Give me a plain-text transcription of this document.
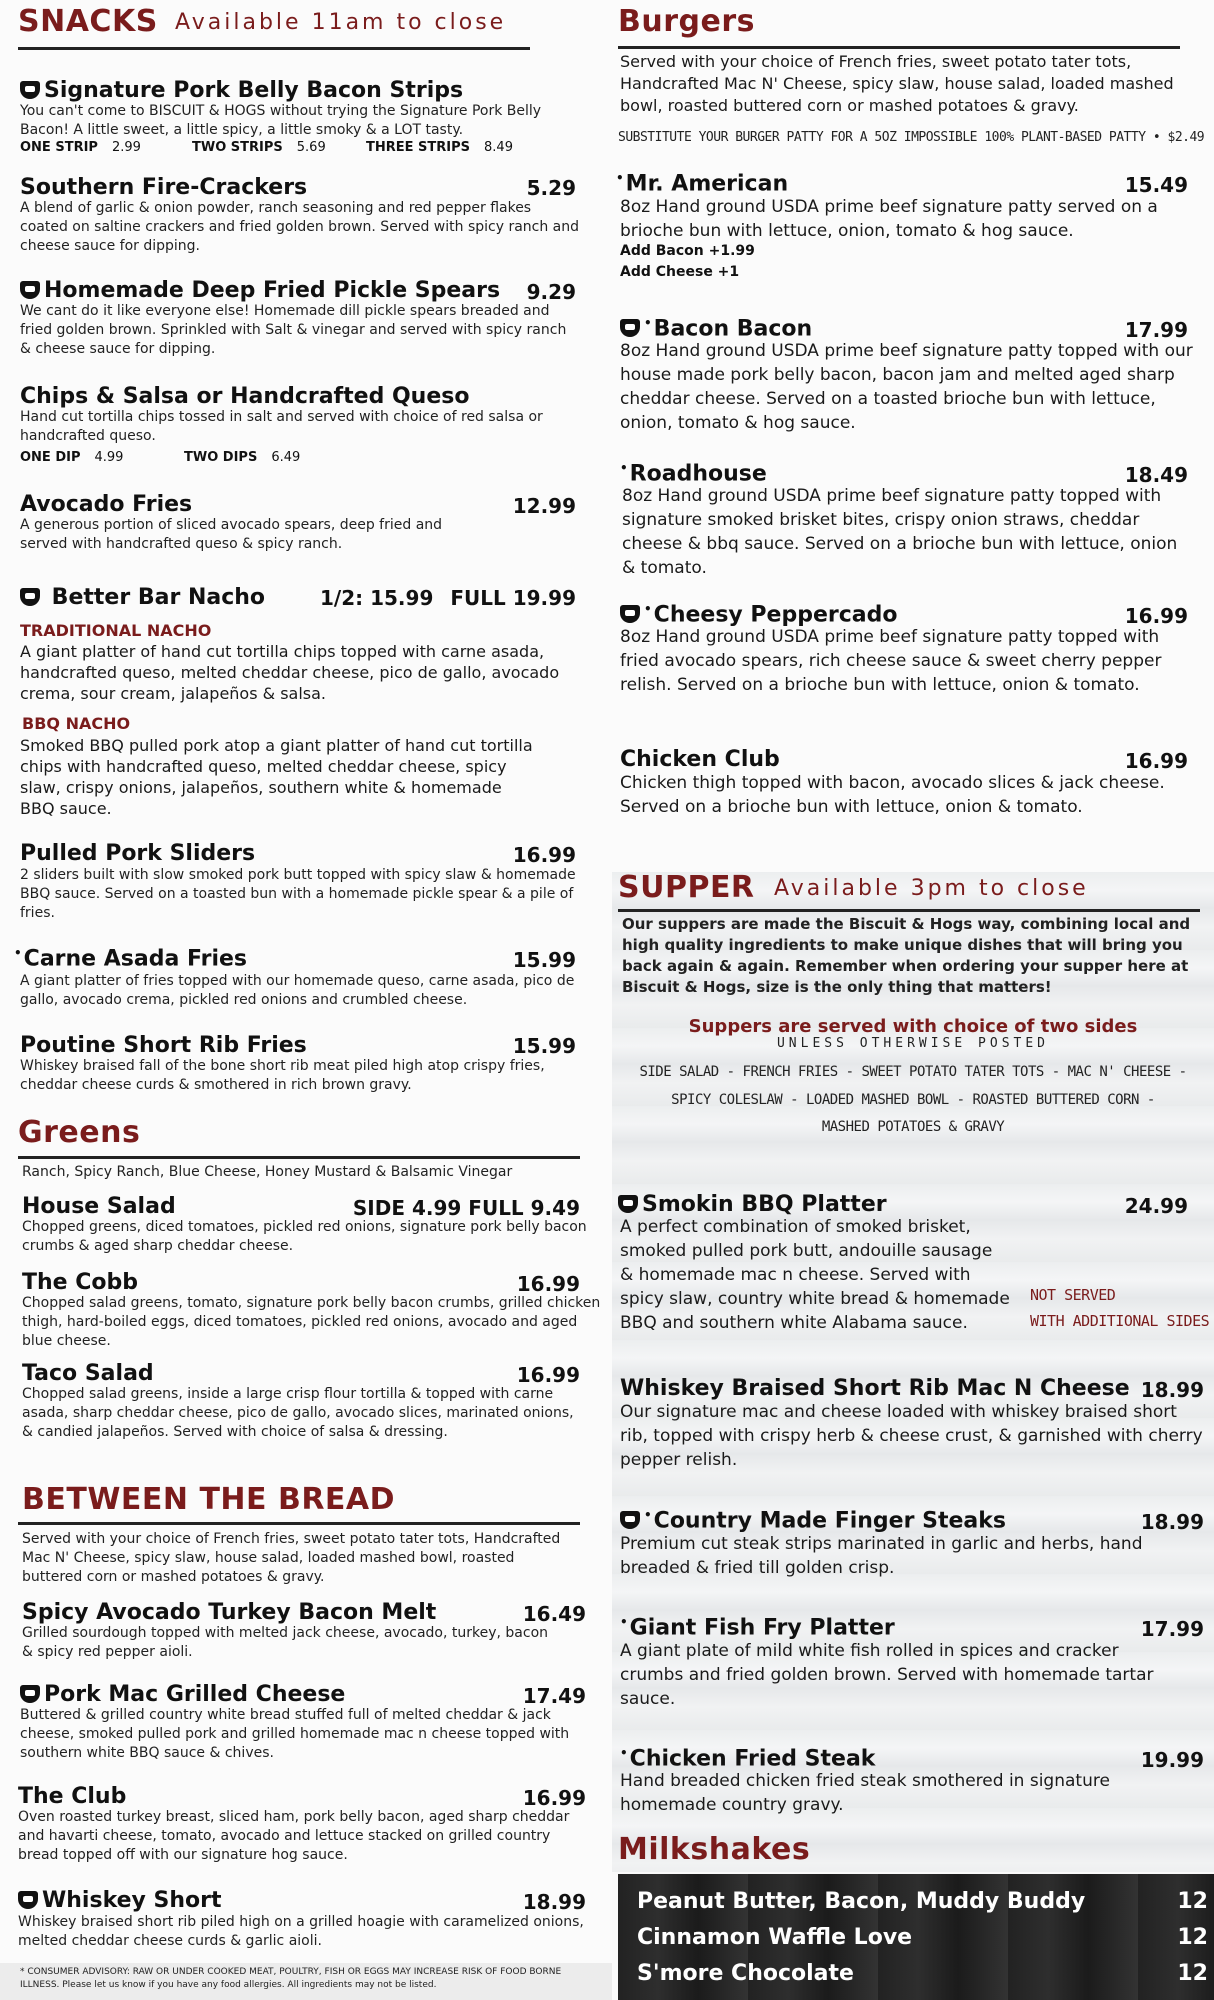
SNACKS Available 11am to close
Signature Pork Belly Bacon Strips
You can't come to BISCUIT & HOGS without trying the Signature Pork Belly Bacon! A little sweet, a little spicy, a little smoky & a LOT tasty.
ONE STRIP 2.99	TWO STRIPS 5.69	THREE STRIPS 8.49
Southern Fire-Crackers	5.29
A blend of garlic & onion powder, ranch seasoning and red pepper flakes coated on saltine crackers and fried golden brown. Served with spicy ranch and cheese sauce for dipping.
Homemade Deep Fried Pickle Spears	9.29
We cant do it like everyone else! Homemade dill pickle spears breaded and fried golden brown. Sprinkled with Salt & vinegar and served with spicy ranch & cheese sauce for dipping.
Chips & Salsa or Handcrafted Queso
Hand cut tortilla chips tossed in salt and served with choice of red salsa or handcrafted queso.
ONE DIP 4.99	TWO DIPS 6.49
Avocado Fries	12.99
A generous portion of sliced avocado spears, deep fried and served with handcrafted queso & spicy ranch.
Better Bar Nacho	1/2: 15.99 FULL 19.99
TRADITIONAL NACHO
A giant platter of hand cut tortilla chips topped with carne asada, handcrafted queso, melted cheddar cheese, pico de gallo, avocado crema, sour cream, jalapeños & salsa.
BBQ NACHO
Smoked BBQ pulled pork atop a giant platter of hand cut tortilla chips with handcrafted queso, melted cheddar cheese, spicy slaw, crispy onions, jalapeños, southern white & homemade BBQ sauce.
Pulled Pork Sliders	16.99
2 sliders built with slow smoked pork butt topped with spicy slaw & homemade BBQ sauce. Served on a toasted bun with a homemade pickle spear & a pile of fries.
•Carne Asada Fries	15.99
A giant platter of fries topped with our homemade queso, carne asada, pico de gallo, avocado crema, pickled red onions and crumbled cheese.
Poutine Short Rib Fries	15.99
Whiskey braised fall of the bone short rib meat piled high atop crispy fries, cheddar cheese curds & smothered in rich brown gravy.
Greens
Ranch, Spicy Ranch, Blue Cheese, Honey Mustard & Balsamic Vinegar
House Salad	SIDE 4.99 FULL 9.49
Chopped greens, diced tomatoes, pickled red onions, signature pork belly bacon crumbs & aged sharp cheddar cheese.
The Cobb	16.99
Chopped salad greens, tomato, signature pork belly bacon crumbs, grilled chicken thigh, hard-boiled eggs, diced tomatoes, pickled red onions, avocado and aged blue cheese.
Taco Salad	16.99
Chopped salad greens, inside a large crisp flour tortilla & topped with carne asada, sharp cheddar cheese, pico de gallo, avocado slices, marinated onions, & candied jalapeños. Served with choice of salsa & dressing.
BETWEEN THE BREAD
Served with your choice of French fries, sweet potato tater tots, Handcrafted Mac N' Cheese, spicy slaw, house salad, loaded mashed bowl, roasted buttered corn or mashed potatoes & gravy.
Spicy Avocado Turkey Bacon Melt	16.49
Grilled sourdough topped with melted jack cheese, avocado, turkey, bacon & spicy red pepper aioli.
Pork Mac Grilled Cheese	17.49
Buttered & grilled country white bread stuffed full of melted cheddar & jack cheese, smoked pulled pork and grilled homemade mac n cheese topped with southern white BBQ sauce & chives.
The Club	16.99
Oven roasted turkey breast, sliced ham, pork belly bacon, aged sharp cheddar and havarti cheese, tomato, avocado and lettuce stacked on grilled country bread topped off with our signature hog sauce.
Whiskey Short	18.99
Whiskey braised short rib piled high on a grilled hoagie with caramelized onions, melted cheddar cheese curds & garlic aioli.
* CONSUMER ADVISORY: RAW OR UNDER COOKED MEAT, POULTRY, FISH OR EGGS MAY INCREASE RISK OF FOOD BORNE ILLNESS. Please let us know if you have any food allergies. All ingredients may not be listed.
Burgers
Served with your choice of French fries, sweet potato tater tots, Handcrafted Mac N' Cheese, spicy slaw, house salad, loaded mashed bowl, roasted buttered corn or mashed potatoes & gravy.
SUBSTITUTE YOUR BURGER PATTY FOR A 5OZ IMPOSSIBLE 100% PLANT-BASED PATTY • $2.49
•Mr. American	15.49
8oz Hand ground USDA prime beef signature patty served on a brioche bun with lettuce, onion, tomato & hog sauce.
Add Bacon +1.99
Add Cheese +1
•Bacon Bacon	17.99
8oz Hand ground USDA prime beef signature patty topped with our house made pork belly bacon, bacon jam and melted aged sharp cheddar cheese. Served on a toasted brioche bun with lettuce, onion, tomato & hog sauce.
•Roadhouse	18.49
8oz Hand ground USDA prime beef signature patty topped with signature smoked brisket bites, crispy onion straws, cheddar cheese & bbq sauce. Served on a brioche bun with lettuce, onion & tomato.
•Cheesy Peppercado	16.99
8oz Hand ground USDA prime beef signature patty topped with fried avocado spears, rich cheese sauce & sweet cherry pepper relish. Served on a brioche bun with lettuce, onion & tomato.
Chicken Club	16.99
Chicken thigh topped with bacon, avocado slices & jack cheese. Served on a brioche bun with lettuce, onion & tomato.
SUPPER Available 3pm to close
Our suppers are made the Biscuit & Hogs way, combining local and high quality ingredients to make unique dishes that will bring you back again & again. Remember when ordering your supper here at Biscuit & Hogs, size is the only thing that matters!
Suppers are served with choice of two sides
UNLESS OTHERWISE POSTED
SIDE SALAD - FRENCH FRIES - SWEET POTATO TATER TOTS - MAC N' CHEESE -
SPICY COLESLAW - LOADED MASHED BOWL - ROASTED BUTTERED CORN -
MASHED POTATOES & GRAVY
Smokin BBQ Platter	24.99
A perfect combination of smoked brisket, smoked pulled pork butt, andouille sausage & homemade mac n cheese. Served with spicy slaw, country white bread & homemade BBQ and southern white Alabama sauce.
NOT SERVED
WITH ADDITIONAL SIDES
Whiskey Braised Short Rib Mac N Cheese 18.99
Our signature mac and cheese loaded with whiskey braised short rib, topped with crispy herb & cheese crust, & garnished with cherry pepper relish.
•Country Made Finger Steaks	18.99
Premium cut steak strips marinated in garlic and herbs, hand breaded & fried till golden crisp.
•Giant Fish Fry Platter	17.99
A giant plate of mild white fish rolled in spices and cracker crumbs and fried golden brown. Served with homemade tartar sauce.
•Chicken Fried Steak	19.99
Hand breaded chicken fried steak smothered in signature homemade country gravy.
Milkshakes
Peanut Butter, Bacon, Muddy Buddy	12
Cinnamon Waffle Love	12
S'more Chocolate	12
